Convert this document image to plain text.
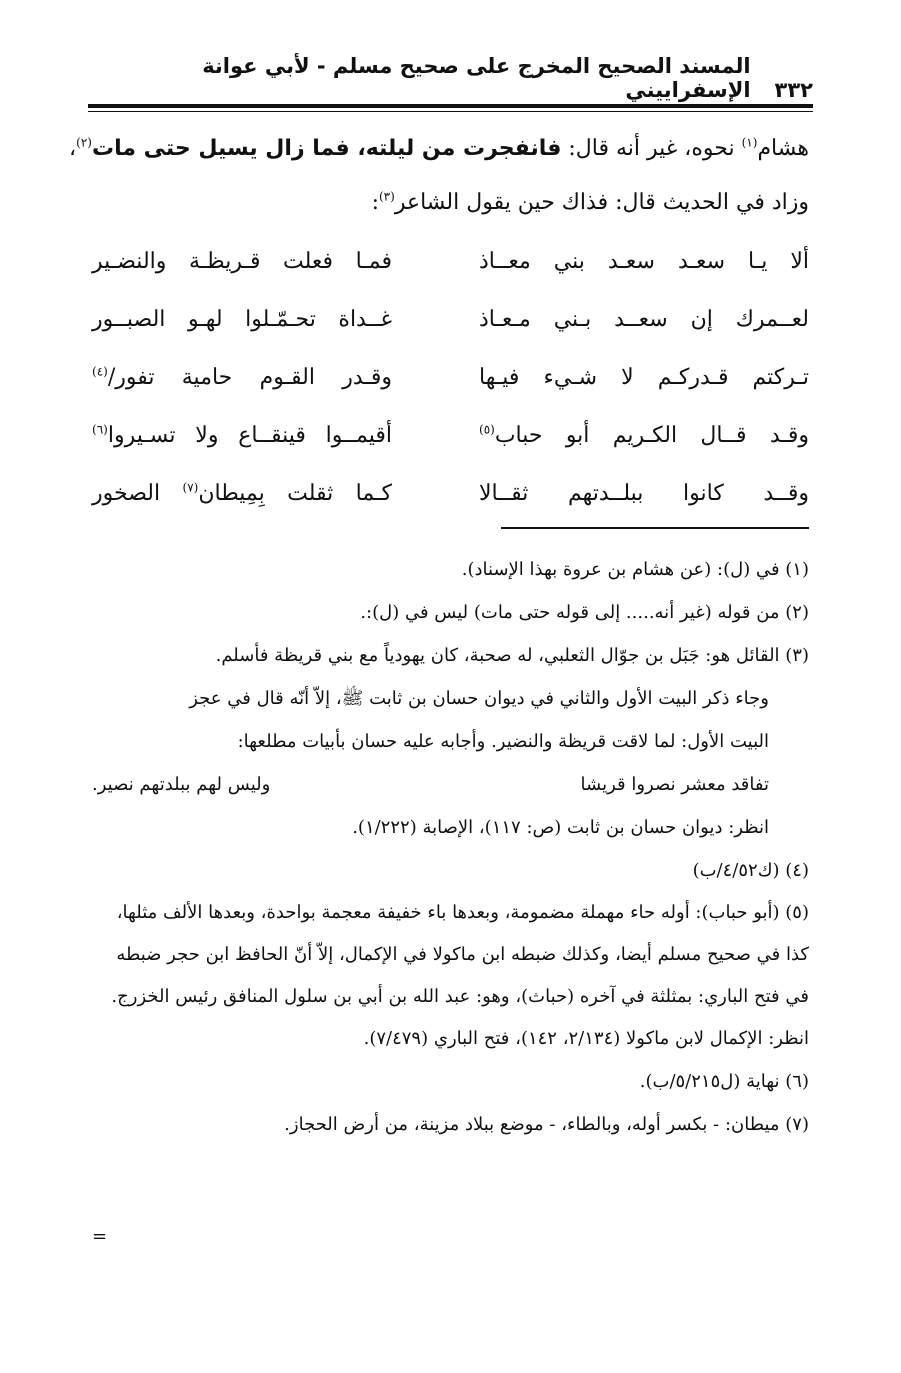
٣٣٢
المسند الصحيح المخرج على صحيح مسلم - لأبي عوانة الإسفراييني
هشام$^{(١)}$ نحوه، غير أنه قال: فانفجرت من ليلته، فما زال يسيل حتى مات$^{(٢)}$،
وزاد في الحديث قال: فذاك حين يقول الشاعر$^{(٣)}$:
ألا يـا سعـد سعـد بني معــاذ
فمـا فعلت قـريظـة والنضـير
لعــمرك إن سعــد بـني مـعـاذ
غــداة تحـمّـلوا لهـو الصبــور
تـركتم قـدركـم لا شـيء فيـها
وقـدر القـوم حامية تفور/$^{(٤)}$
وقـد قــال الكـريم أبو حباب$^{(٥)}$
أقيمــوا قينقــاع ولا تسـيروا$^{(٦)}$
وقــد كانوا ببلــدتهم ثقــالا
كـما ثقلت بِمِيطان$^{(٧)}$ الصخور
(١) في (ل): (عن هشام بن عروة بهذا الإسناد).
(٢) من قوله (غير أنه..... إلى قوله حتى مات) ليس في (ل):.
(٣) القائل هو: جَبَل بن جوّال الثعلبي، له صحبة، كان يهودياً مع بني قريظة فأسلم.
وجاء ذكر البيت الأول والثاني في ديوان حسان بن ثابت ﷺ، إلاّ أنّه قال في عجز
البيت الأول: لما لاقت قريظة والنضير. وأجابه عليه حسان بأبيات مطلعها:
تفاقد معشر نصروا قريشا
وليس لهم ببلدتهم نصير.
انظر: ديوان حسان بن ثابت (ص: ١١٧)، الإصابة (١/٢٢٢).
(٤) (ك٤/٥٢/ب)
(٥) (أبو حباب): أوله حاء مهملة مضمومة، وبعدها باء خفيفة معجمة بواحدة، وبعدها الألف مثلها، كذا في صحيح مسلم أيضا، وكذلك ضبطه ابن ماكولا في الإكمال، إلاّ أنّ الحافظ ابن حجر ضبطه في فتح الباري: بمثلثة في آخره (حباث)، وهو: عبد الله بن أبي بن سلول المنافق رئيس الخزرج. انظر: الإكمال لابن ماكولا (٢/١٣٤، ١٤٢)، فتح الباري (٧/٤٧٩).
(٦) نهاية (ل٥/٢١٥/ب).
(٧) ميطان: - بكسر أوله، وبالطاء، - موضع ببلاد مزينة، من أرض الحجاز.
=
